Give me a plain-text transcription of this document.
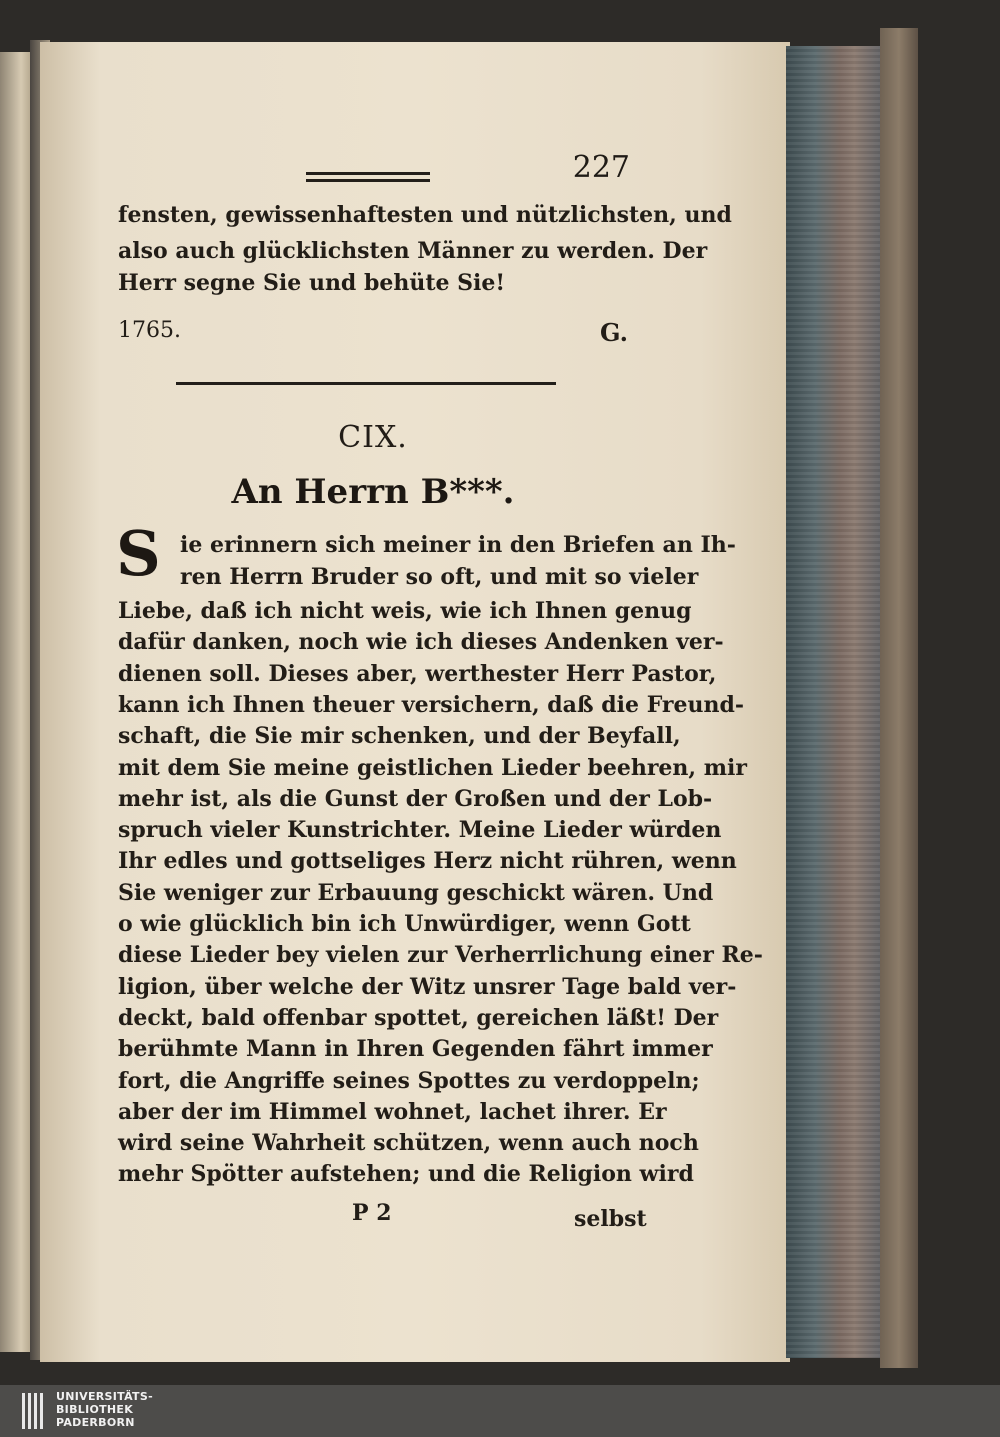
227
fensten, gewissenhaftesten und nützlichsten, und
also auch glücklichsten Männer zu werden. Der
Herr segne Sie und behüte Sie!
1765.	G.
CIX.
An Herrn B***.
S ie erinnern sich meiner in den Briefen an Ih-
ren Herrn Bruder so oft, und mit so vieler
Liebe, daß ich nicht weis, wie ich Ihnen genug
dafür danken, noch wie ich dieses Andenken ver-
dienen soll. Dieses aber, werthester Herr Pastor,
kann ich Ihnen theuer versichern, daß die Freund-
schaft, die Sie mir schenken, und der Beyfall,
mit dem Sie meine geistlichen Lieder beehren, mir
mehr ist, als die Gunst der Großen und der Lob-
spruch vieler Kunstrichter. Meine Lieder würden
Ihr edles und gottseliges Herz nicht rühren, wenn
Sie weniger zur Erbauung geschickt wären. Und
o wie glücklich bin ich Unwürdiger, wenn Gott
diese Lieder bey vielen zur Verherrlichung einer Re-
ligion, über welche der Witz unsrer Tage bald ver-
deckt, bald offenbar spottet, gereichen läßt! Der
berühmte Mann in Ihren Gegenden fährt immer
fort, die Angriffe seines Spottes zu verdoppeln;
aber der im Himmel wohnet, lachet ihrer. Er
wird seine Wahrheit schützen, wenn auch noch
mehr Spötter aufstehen; und die Religion wird
P 2	selbst
UNIVERSITÄTS-
BIBLIOTHEK
PADERBORN
